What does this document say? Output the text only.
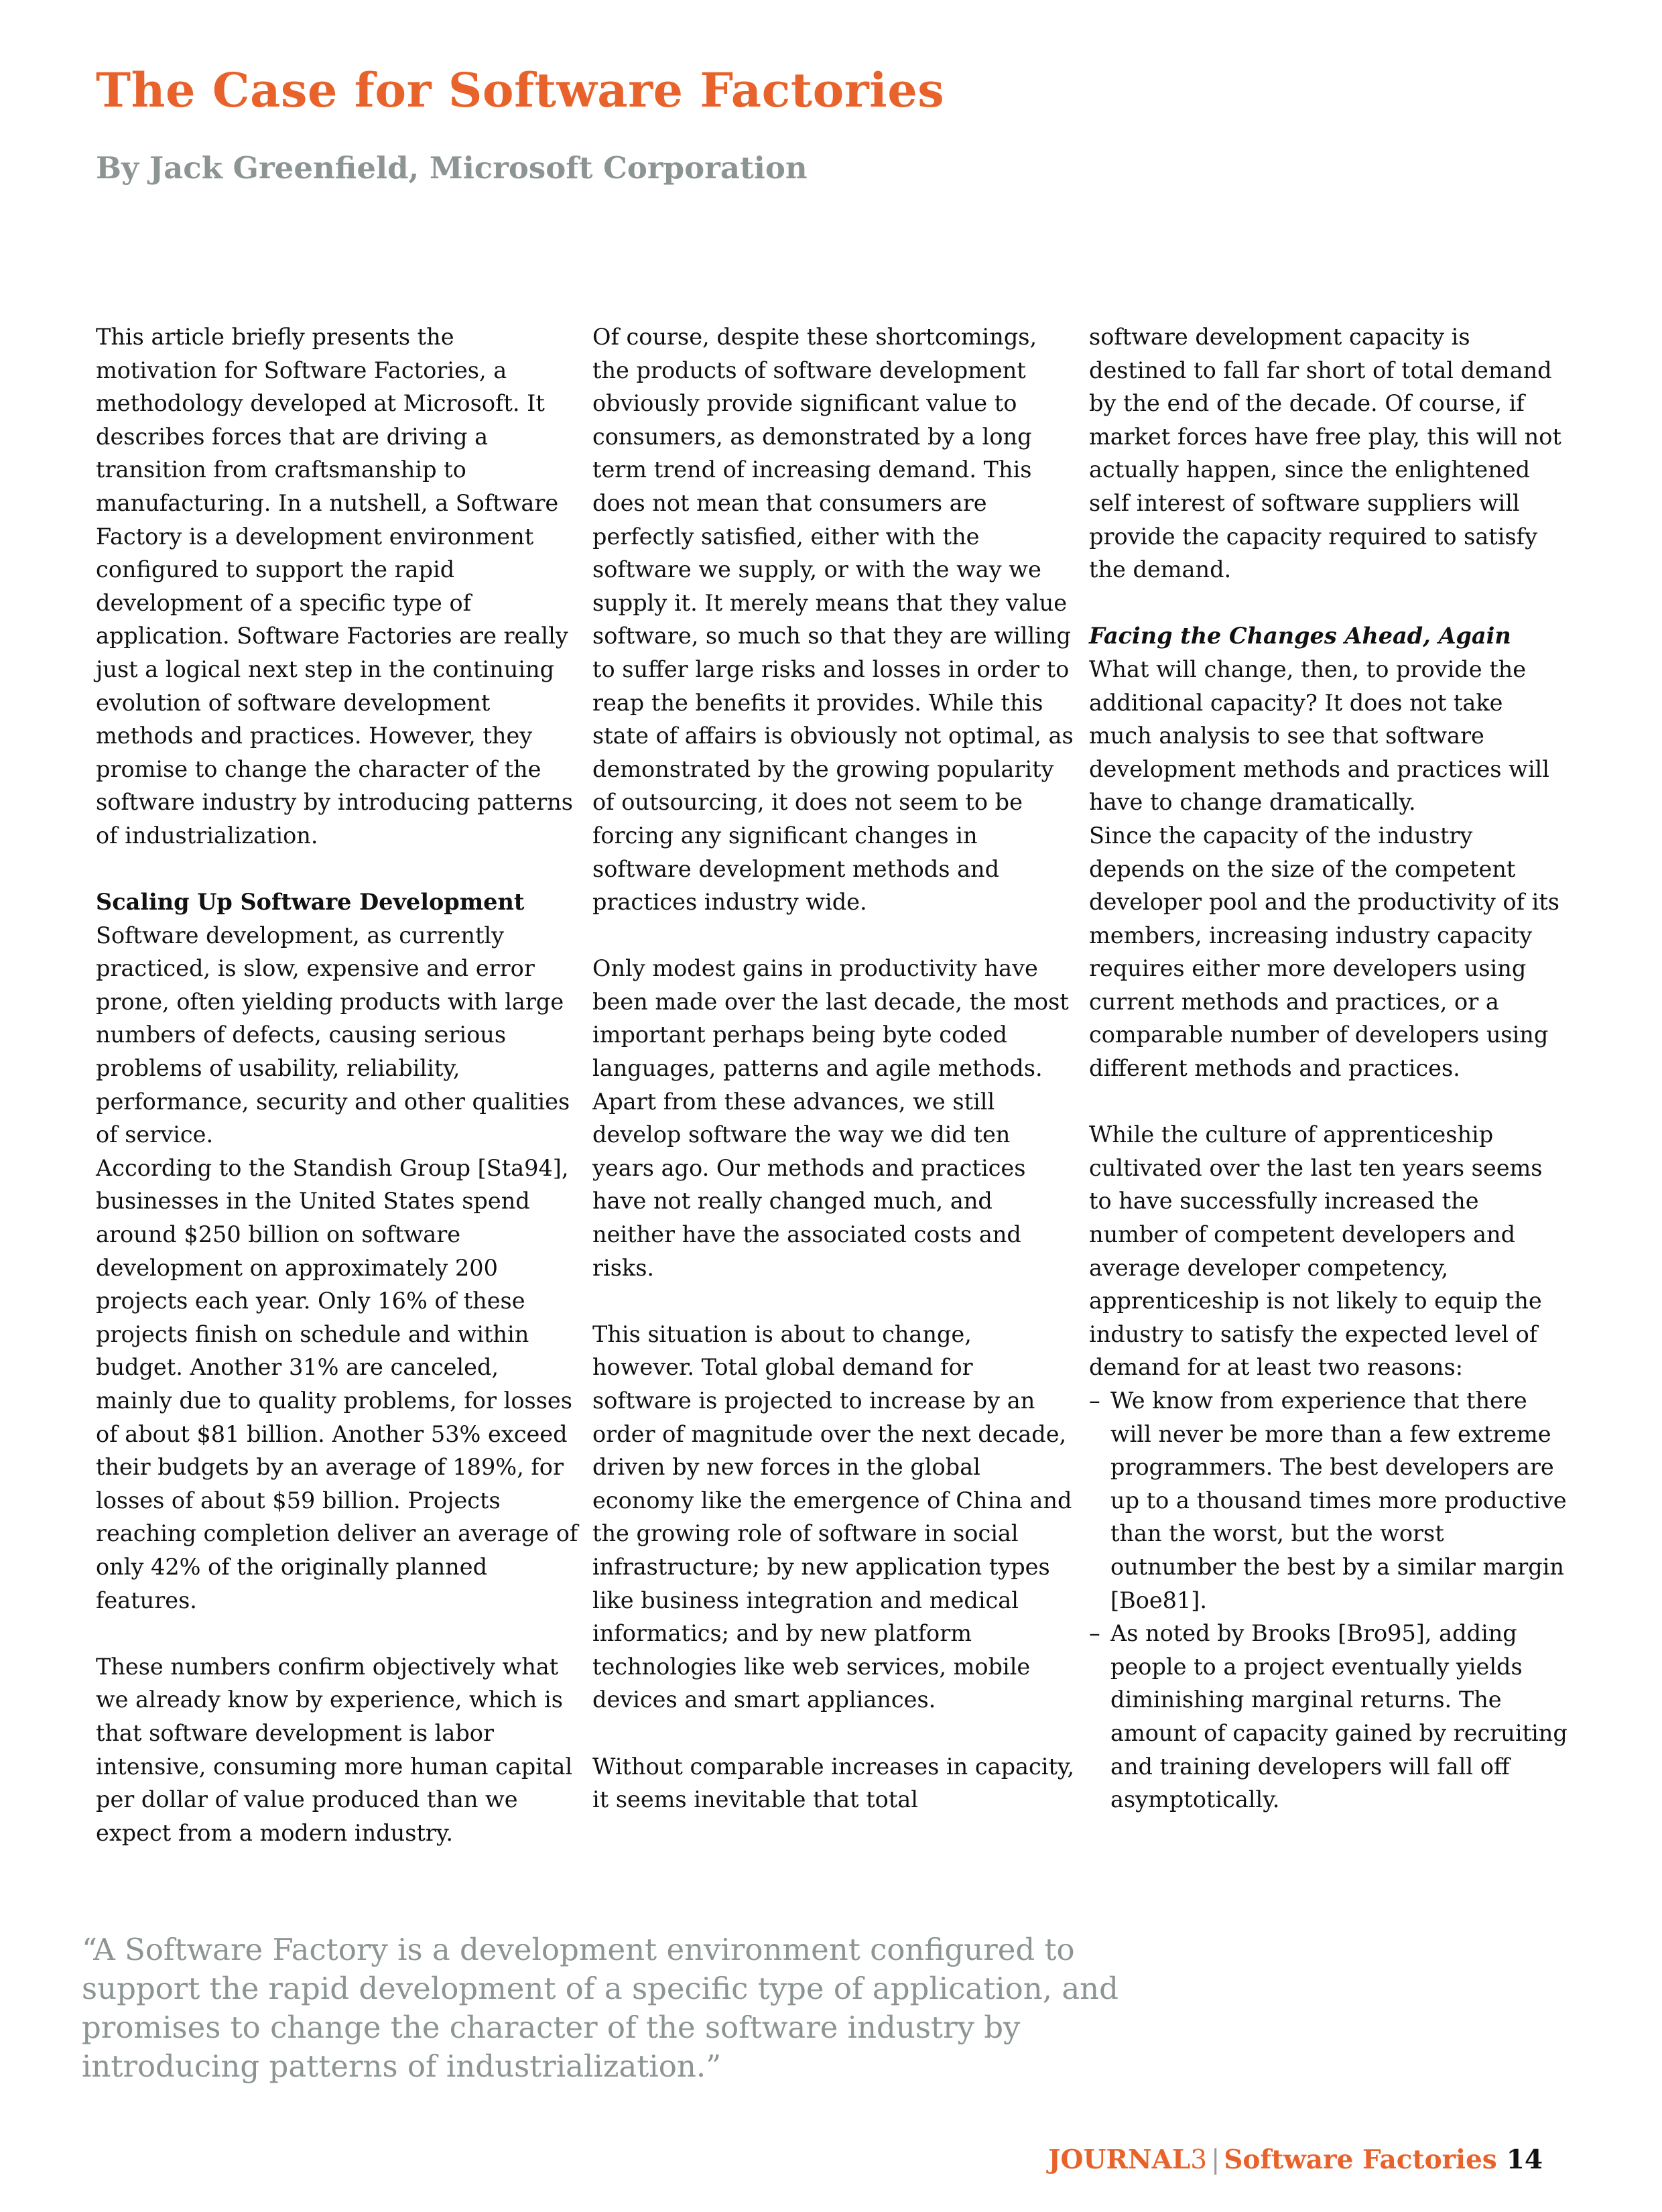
The Case for Software Factories
By Jack Greenfield, Microsoft Corporation

This article briefly presents the motivation for Software Factories, a methodology developed at Microsoft. It describes forces that are driving a transition from craftsmanship to manufacturing. In a nutshell, a Software Factory is a development environment configured to support the rapid development of a specific type of application. Software Factories are really just a logical next step in the continuing evolution of software development methods and practices. However, they promise to change the character of the software industry by introducing patterns of industrialization.

Scaling Up Software Development

Software development, as currently practiced, is slow, expensive and error prone, often yielding products with large numbers of defects, causing serious problems of usability, reliability, performance, security and other qualities of service.

According to the Standish Group [Sta94], businesses in the United States spend around $250 billion on software development on approximately 200 projects each year. Only 16% of these projects finish on schedule and within budget. Another 31% are canceled, mainly due to quality problems, for losses of about $81 billion. Another 53% exceed their budgets by an average of 189%, for losses of about $59 billion. Projects reaching completion deliver an average of only 42% of the originally planned features.

These numbers confirm objectively what we already know by experience, which is that software development is labor intensive, consuming more human capital per dollar of value produced than we expect from a modern industry.

Of course, despite these shortcomings, the products of software development obviously provide significant value to consumers, as demonstrated by a long term trend of increasing demand. This does not mean that consumers are perfectly satisfied, either with the software we supply, or with the way we supply it. It merely means that they value software, so much so that they are willing to suffer large risks and losses in order to reap the benefits it provides. While this state of affairs is obviously not optimal, as demonstrated by the growing popularity of outsourcing, it does not seem to be forcing any significant changes in software development methods and practices industry wide.

Only modest gains in productivity have been made over the last decade, the most important perhaps being byte coded languages, patterns and agile methods. Apart from these advances, we still develop software the way we did ten years ago. Our methods and practices have not really changed much, and neither have the associated costs and risks.

This situation is about to change, however. Total global demand for software is projected to increase by an order of magnitude over the next decade, driven by new forces in the global economy like the emergence of China and the growing role of software in social infrastructure; by new application types like business integration and medical informatics; and by new platform technologies like web services, mobile devices and smart appliances.

Without comparable increases in capacity, it seems inevitable that total

software development capacity is destined to fall far short of total demand by the end of the decade. Of course, if market forces have free play, this will not actually happen, since the enlightened self interest of software suppliers will provide the capacity required to satisfy the demand.

Facing the Changes Ahead, Again

What will change, then, to provide the additional capacity? It does not take much analysis to see that software development methods and practices will have to change dramatically.

Since the capacity of the industry depends on the size of the competent developer pool and the productivity of its members, increasing industry capacity requires either more developers using current methods and practices, or a comparable number of developers using different methods and practices.

While the culture of apprenticeship cultivated over the last ten years seems to have successfully increased the number of competent developers and average developer competency, apprenticeship is not likely to equip the industry to satisfy the expected level of demand for at least two reasons:

– We know from experience that there will never be more than a few extreme programmers. The best developers are up to a thousand times more productive than the worst, but the worst outnumber the best by a similar margin [Boe81].
– As noted by Brooks [Bro95], adding people to a project eventually yields diminishing marginal returns. The amount of capacity gained by recruiting and training developers will fall off asymptotically.

“A Software Factory is a development environment configured to support the rapid development of a specific type of application, and promises to change the character of the software industry by introducing patterns of industrialization.”

JOURNAL3 | Software Factories 14
